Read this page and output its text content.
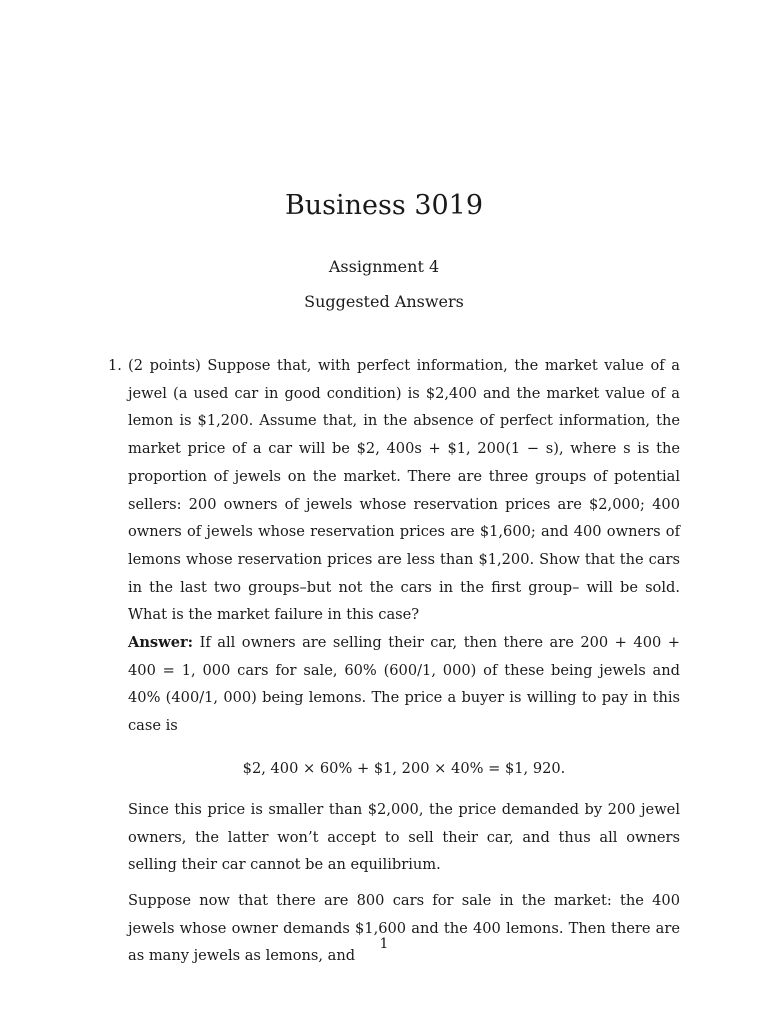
Business 3019
Assignment 4
Suggested Answers
1. (2 points) Suppose that, with perfect information, the market value of a jewel (a used car in good condition) is $2,400 and the market value of a lemon is $1,200. Assume that, in the absence of perfect information, the market price of a car will be $2, 400s + $1, 200(1 − s), where s is the proportion of jewels on the market. There are three groups of potential sellers: 200 owners of jewels whose reservation prices are $2,000; 400 owners of jewels whose reservation prices are $1,600; and 400 owners of lemons whose reservation prices are less than $1,200. Show that the cars in the last two groups–but not the cars in the first group– will be sold. What is the market failure in this case?

Answer: If all owners are selling their car, then there are 200 + 400 + 400 = 1, 000 cars for sale, 60% (600/1, 000) of these being jewels and 40% (400/1, 000) being lemons. The price a buyer is willing to pay in this case is

$2, 400 × 60% + $1, 200 × 40% = $1, 920.

Since this price is smaller than $2,000, the price demanded by 200 jewel owners, the latter won’t accept to sell their car, and thus all owners selling their car cannot be an equilibrium.

Suppose now that there are 800 cars for sale in the market: the 400 jewels whose owner demands $1,600 and the 400 lemons. Then there are as many jewels as lemons, and

1
